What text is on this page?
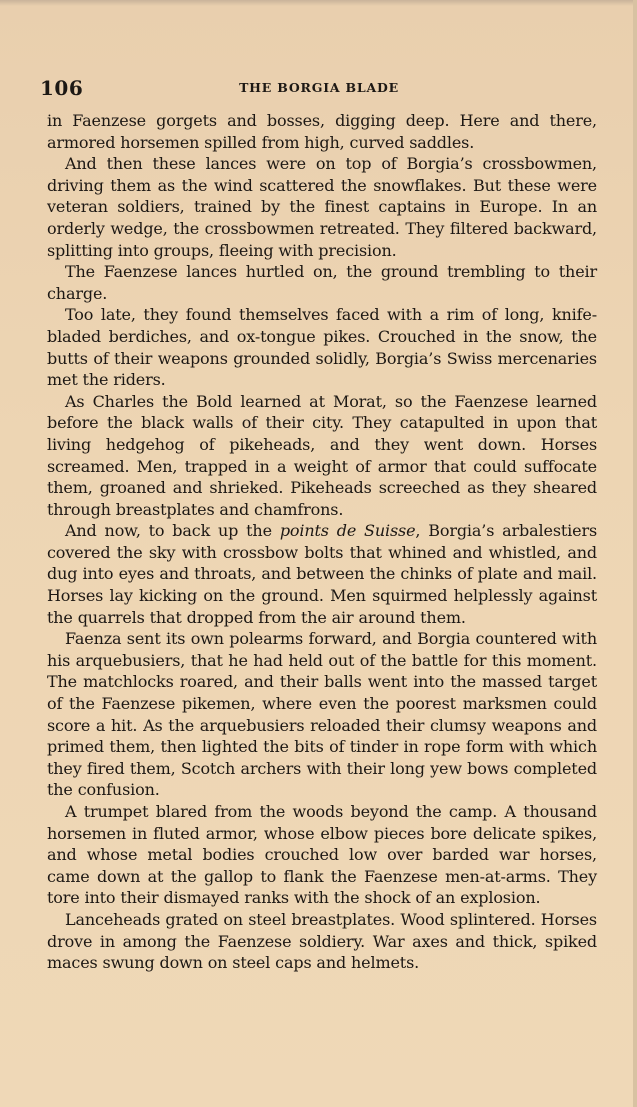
106	THE BORGIA BLADE

in Faenzese gorgets and bosses, digging deep. Here and there, armored horsemen spilled from high, curved saddles.

And then these lances were on top of Borgia’s crossbowmen, driving them as the wind scattered the snowflakes. But these were veteran soldiers, trained by the finest captains in Europe. In an orderly wedge, the crossbowmen retreated. They filtered backward, splitting into groups, fleeing with precision.

The Faenzese lances hurtled on, the ground trembling to their charge.

Too late, they found themselves faced with a rim of long, knife-bladed berdiches, and ox-tongue pikes. Crouched in the snow, the butts of their weapons grounded solidly, Borgia’s Swiss mercenaries met the riders.

As Charles the Bold learned at Morat, so the Faenzese learned before the black walls of their city. They catapulted in upon that living hedgehog of pikeheads, and they went down. Horses screamed. Men, trapped in a weight of armor that could suffocate them, groaned and shrieked. Pikeheads screeched as they sheared through breastplates and chamfrons.

And now, to back up the points de Suisse, Borgia’s arbalestiers covered the sky with crossbow bolts that whined and whistled, and dug into eyes and throats, and between the chinks of plate and mail. Horses lay kicking on the ground. Men squirmed helplessly against the quarrels that dropped from the air around them.

Faenza sent its own polearms forward, and Borgia countered with his arquebusiers, that he had held out of the battle for this moment. The matchlocks roared, and their balls went into the massed target of the Faenzese pikemen, where even the poorest marksmen could score a hit. As the arquebusiers reloaded their clumsy weapons and primed them, then lighted the bits of tinder in rope form with which they fired them, Scotch archers with their long yew bows completed the confusion.

A trumpet blared from the woods beyond the camp. A thousand horsemen in fluted armor, whose elbow pieces bore delicate spikes, and whose metal bodies crouched low over barded war horses, came down at the gallop to flank the Faenzese men-at-arms. They tore into their dismayed ranks with the shock of an explosion.

Lanceheads grated on steel breastplates. Wood splintered. Horses drove in among the Faenzese soldiery. War axes and thick, spiked maces swung down on steel caps and helmets.
